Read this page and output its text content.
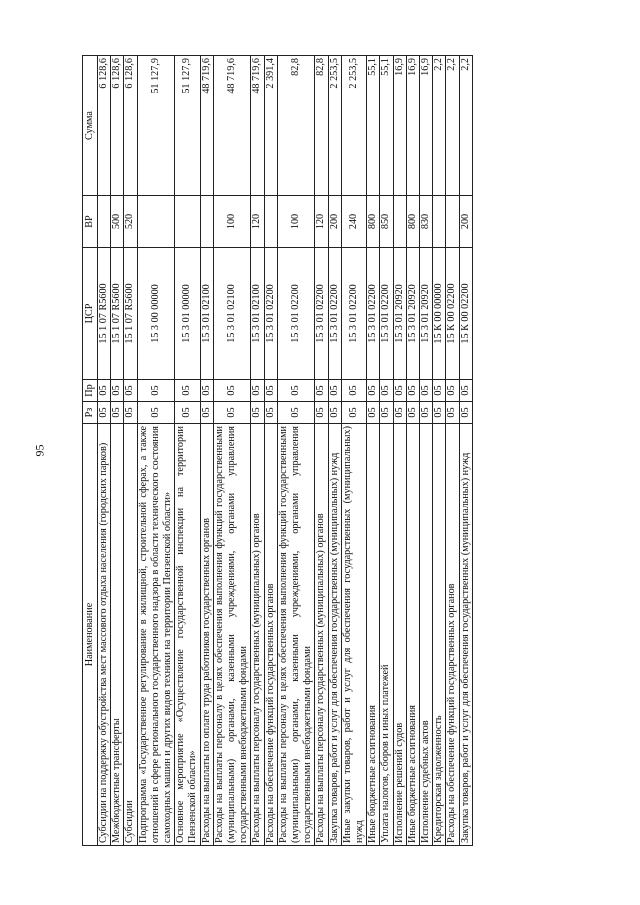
95
Наименование	Рз	Пр	ЦСР	ВР	Сумма
Субсидии на поддержку обустройства мест массового отдыха населения (городских парков)	05	05	15 1 07 R5600		6 128,6
Межбюджетные трансферты	05	05	15 1 07 R5600	500	6 128,6
Субсидии	05	05	15 1 07 R5600	520	6 128,6
Подпрограмма «Государственное регулирование в жилищной, строительной сферах, а также отношений в сфере регионального государственного надзора в области технического состояния самоходных машин и других видов техники на территории Пензенской области»	05	05	15 3 00 00000		51 127,9
Основное мероприятие «Осуществление государственной инспекции на территории Пензенской области»	05	05	15 3 01 00000		51 127,9
Расходы на выплаты по оплате труда работников государственных органов	05	05	15 3 01 02100		48 719,6
Расходы на выплаты персоналу в целях обеспечения выполнения функций государственными (муниципальными) органами, казенными учреждениями, органами управления государственными внебюджетными фондами	05	05	15 3 01 02100	100	48 719,6
Расходы на выплаты персоналу государственных (муниципальных) органов	05	05	15 3 01 02100	120	48 719,6
Расходы на обеспечение функций государственных органов	05	05	15 3 01 02200		2 391,4
Расходы на выплаты персоналу в целях обеспечения выполнения функций государственными (муниципальными) органами, казенными учреждениями, органами управления государственными внебюджетными фондами	05	05	15 3 01 02200	100	82,8
Расходы на выплаты персоналу государственных (муниципальных) органов	05	05	15 3 01 02200	120	82,8
Закупка товаров, работ и услуг для обеспечения государственных (муниципальных) нужд	05	05	15 3 01 02200	200	2 253,5
Иные закупки товаров, работ и услуг для обеспечения государственных (муниципальных) нужд	05	05	15 3 01 02200	240	2 253,5
Иные бюджетные ассигнования	05	05	15 3 01 02200	800	55,1
Уплата налогов, сборов и иных платежей	05	05	15 3 01 02200	850	55,1
Исполнение решений судов	05	05	15 3 01 20920		16,9
Иные бюджетные ассигнования	05	05	15 3 01 20920	800	16,9
Исполнение судебных актов	05	05	15 3 01 20920	830	16,9
Кредиторская задолженность	05	05	15 К 00 00000		2,2
Расходы на обеспечение функций государственных органов	05	05	15 К 00 02200		2,2
Закупка товаров, работ и услуг для обеспечения государственных (муниципальных) нужд	05	05	15 К 00 02200	200	2,2
